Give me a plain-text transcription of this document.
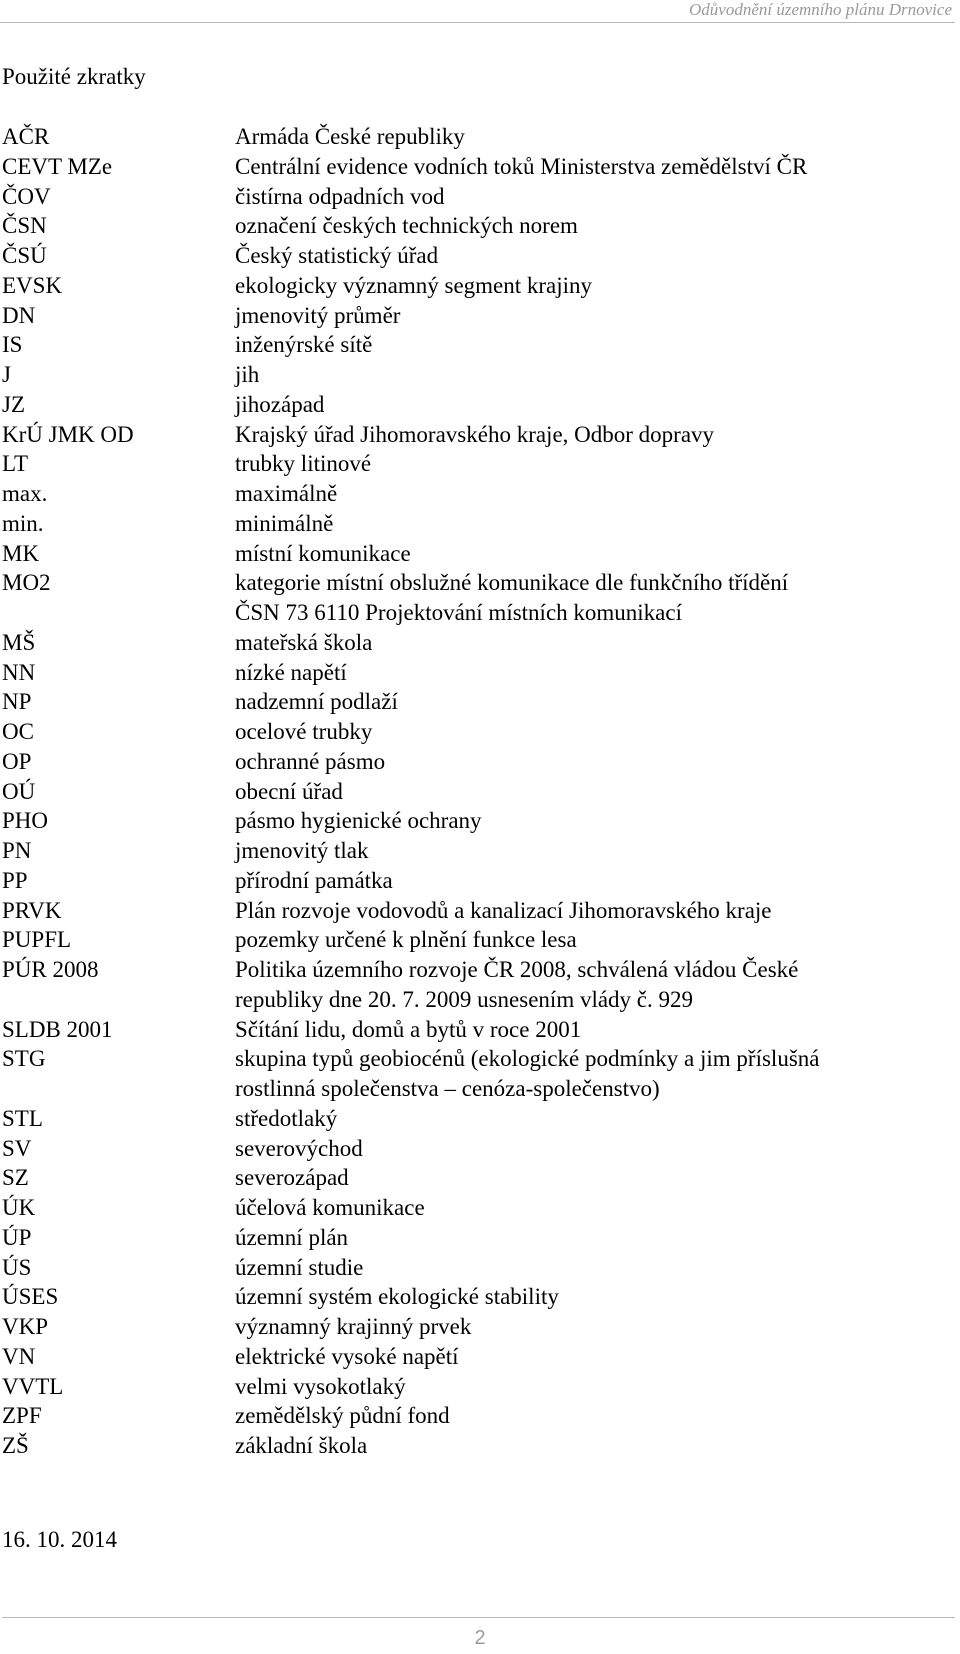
Odůvodnění územního plánu Drnovice
Použité zkratky
AČR	Armáda České republiky
CEVT MZe	Centrální evidence vodních toků Ministerstva zemědělství ČR
ČOV	čistírna odpadních vod
ČSN	označení českých technických norem
ČSÚ	Český statistický úřad
EVSK	ekologicky významný segment krajiny
DN	jmenovitý průměr
IS	inženýrské sítě
J	jih
JZ	jihozápad
KrÚ JMK OD	Krajský úřad Jihomoravského kraje, Odbor dopravy
LT	trubky litinové
max.	maximálně
min.	minimálně
MK	místní komunikace
MO2	kategorie místní obslužné komunikace dle funkčního třídění
ČSN 73 6110 Projektování místních komunikací
MŠ	mateřská škola
NN	nízké napětí
NP	nadzemní podlaží
OC	ocelové trubky
OP	ochranné pásmo
OÚ	obecní úřad
PHO	pásmo hygienické ochrany
PN	jmenovitý tlak
PP	přírodní památka
PRVK	Plán rozvoje vodovodů a kanalizací Jihomoravského kraje
PUPFL	pozemky určené k plnění funkce lesa
PÚR 2008	Politika územního rozvoje ČR 2008, schválená vládou České
republiky dne 20. 7. 2009 usnesením vlády č. 929
SLDB 2001	Sčítání lidu, domů a bytů v roce 2001
STG	skupina typů geobiocénů (ekologické podmínky a jim příslušná
rostlinná společenstva – cenóza-společenstvo)
STL	středotlaký
SV	severovýchod
SZ	severozápad
ÚK	účelová komunikace
ÚP	územní plán
ÚS	územní studie
ÚSES	územní systém ekologické stability
VKP	významný krajinný prvek
VN	elektrické vysoké napětí
VVTL	velmi vysokotlaký
ZPF	zemědělský půdní fond
ZŠ	základní škola
16. 10. 2014
2
